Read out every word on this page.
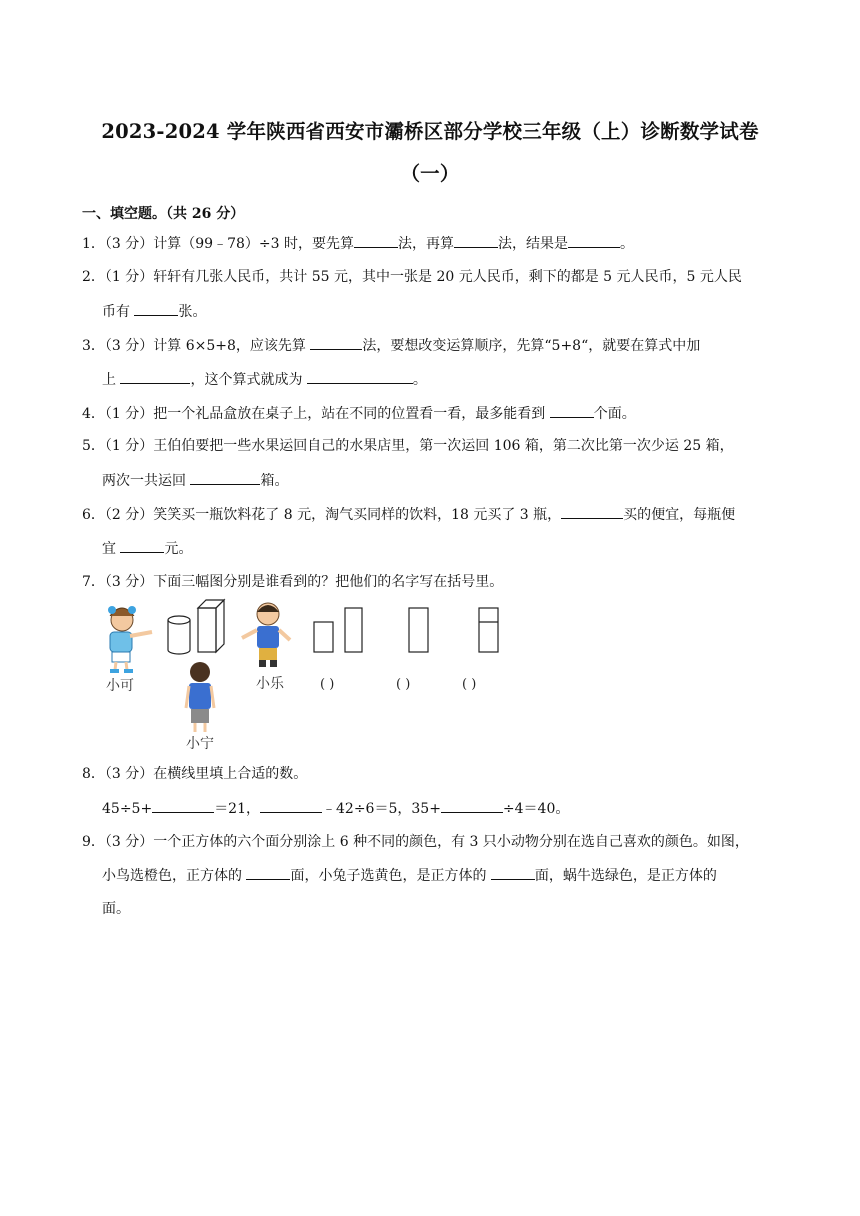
2023-2024 学年陕西省西安市灞桥区部分学校三年级（上）诊断数学试卷
（一）
一、填空题。（共 26 分）
1．（3 分）计算（99﹣78）÷3 时，要先算	法，再算	法，结果是	。
2．（1 分）轩轩有几张人民币，共计 55 元，其中一张是 20 元人民币，剩下的都是 5 元人民币，5 元人民
币有	张。
3．（3 分）计算 6×5+8，应该先算	法，要想改变运算顺序，先算“5+8“，就要在算式中加
上	，这个算式就成为	。
4．（1 分）把一个礼品盒放在桌子上，站在不同的位置看一看，最多能看到	个面。
5．（1 分）王伯伯要把一些水果运回自己的水果店里，第一次运回 106 箱，第二次比第一次少运 25 箱，
两次一共运回	箱。
6．（2 分）笑笑买一瓶饮料花了 8 元，淘气买同样的饮料，18 元买了 3 瓶，	买的便宜，每瓶便
宜	元。
7．（3 分）下面三幅图分别是谁看到的？把他们的名字写在括号里。
小可	小乐
小宁
( )	( )	( )
8．（3 分）在横线里填上合适的数。
45÷5+	＝21，	﹣42÷6＝5，35+	÷4＝40。
9．（3 分）一个正方体的六个面分别涂上 6 种不同的颜色，有 3 只小动物分别在选自己喜欢的颜色。如图，
小鸟选橙色，正方体的	面，小兔子选黄色，是正方体的	面，蜗牛选绿色，是正方体的
面。
